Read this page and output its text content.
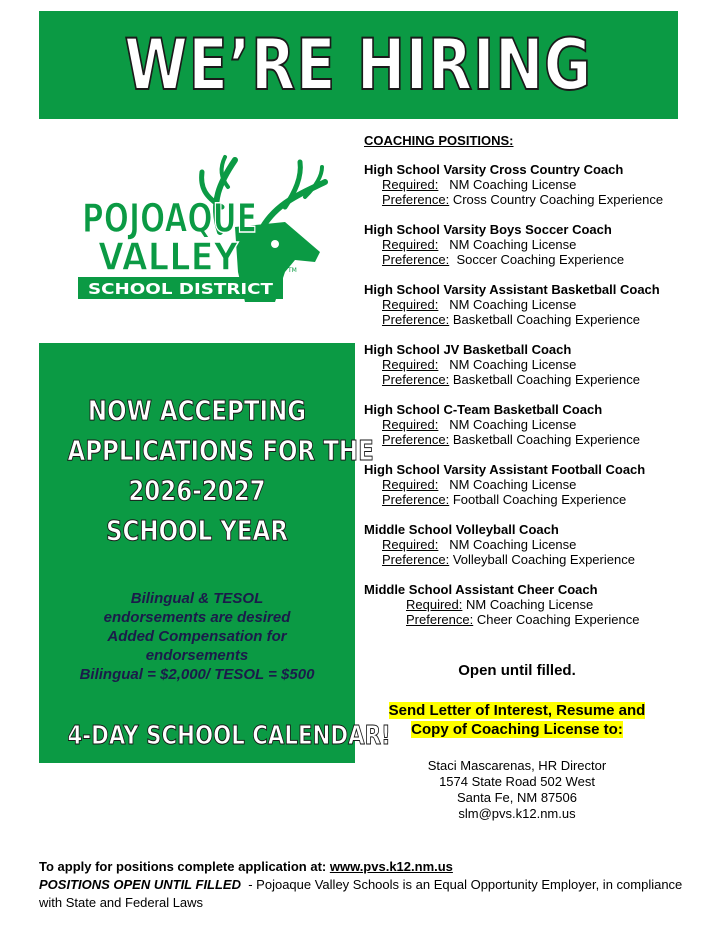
WE’RE HIRING
POJOAQUE
VALLEY
SCHOOL DISTRICT
TM
NOW ACCEPTING
APPLICATIONS FOR THE
2026-2027
SCHOOL YEAR
Bilingual & TESOL
endorsements are desired
Added Compensation for
endorsements
Bilingual = $2,000/ TESOL = $500
4-DAY SCHOOL CALENDAR!
COACHING POSITIONS:
High School Varsity Cross Country Coach
Required: NM Coaching License
Preference: Cross Country Coaching Experience
High School Varsity Boys Soccer Coach
Required: NM Coaching License
Preference: Soccer Coaching Experience
High School Varsity Assistant Basketball Coach
Required: NM Coaching License
Preference: Basketball Coaching Experience
High School JV Basketball Coach
Required: NM Coaching License
Preference: Basketball Coaching Experience
High School C-Team Basketball Coach
Required: NM Coaching License
Preference: Basketball Coaching Experience
High School Varsity Assistant Football Coach
Required: NM Coaching License
Preference: Football Coaching Experience
Middle School Volleyball Coach
Required: NM Coaching License
Preference: Volleyball Coaching Experience
Middle School Assistant Cheer Coach
Required: NM Coaching License
Preference: Cheer Coaching Experience
Open until filled.
Send Letter of Interest, Resume and
Copy of Coaching License to:
Staci Mascarenas, HR Director
1574 State Road 502 West
Santa Fe, NM 87506
slm@pvs.k12.nm.us
To apply for positions complete application at: www.pvs.k12.nm.us
POSITIONS OPEN UNTIL FILLED  - Pojoaque Valley Schools is an Equal Opportunity Employer, in compliance with State and Federal Laws
